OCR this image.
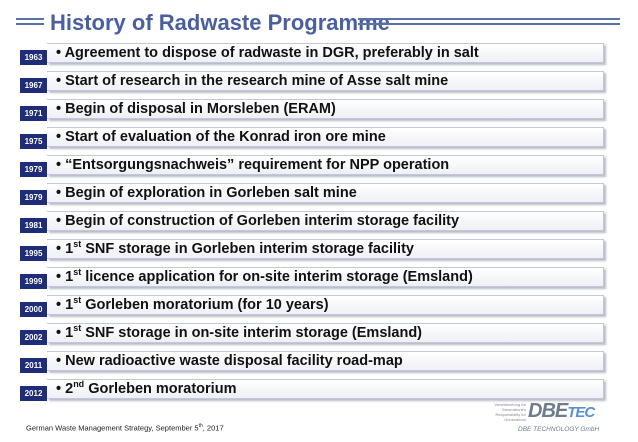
History of Radwaste Programme
1963 • Agreement to dispose of radwaste in DGR, preferably in salt
1967 • Start of research in the research mine of Asse salt mine
1971 • Begin of disposal in Morsleben (ERAM)
1975 • Start of evaluation of the Konrad iron ore mine
1979 • “Entsorgungsnachweis” requirement for NPP operation
1979 • Begin of exploration in Gorleben salt mine
1981 • Begin of construction of Gorleben interim storage facility
1995 • 1st SNF storage in Gorleben interim storage facility
1999 • 1st licence application for on-site interim storage (Emsland)
2000 • 1st Gorleben moratorium (for 10 years)
2002 • 1st SNF storage in on-site interim storage (Emsland)
2011 • New radioactive waste disposal facility road-map
2012 • 2nd Gorleben moratorium
German Waste Management Strategy, September 5th, 2017
Verantwortung für Generationen Responsibility for Generations DBETEC
DBE TECHNOLOGY GmbH
